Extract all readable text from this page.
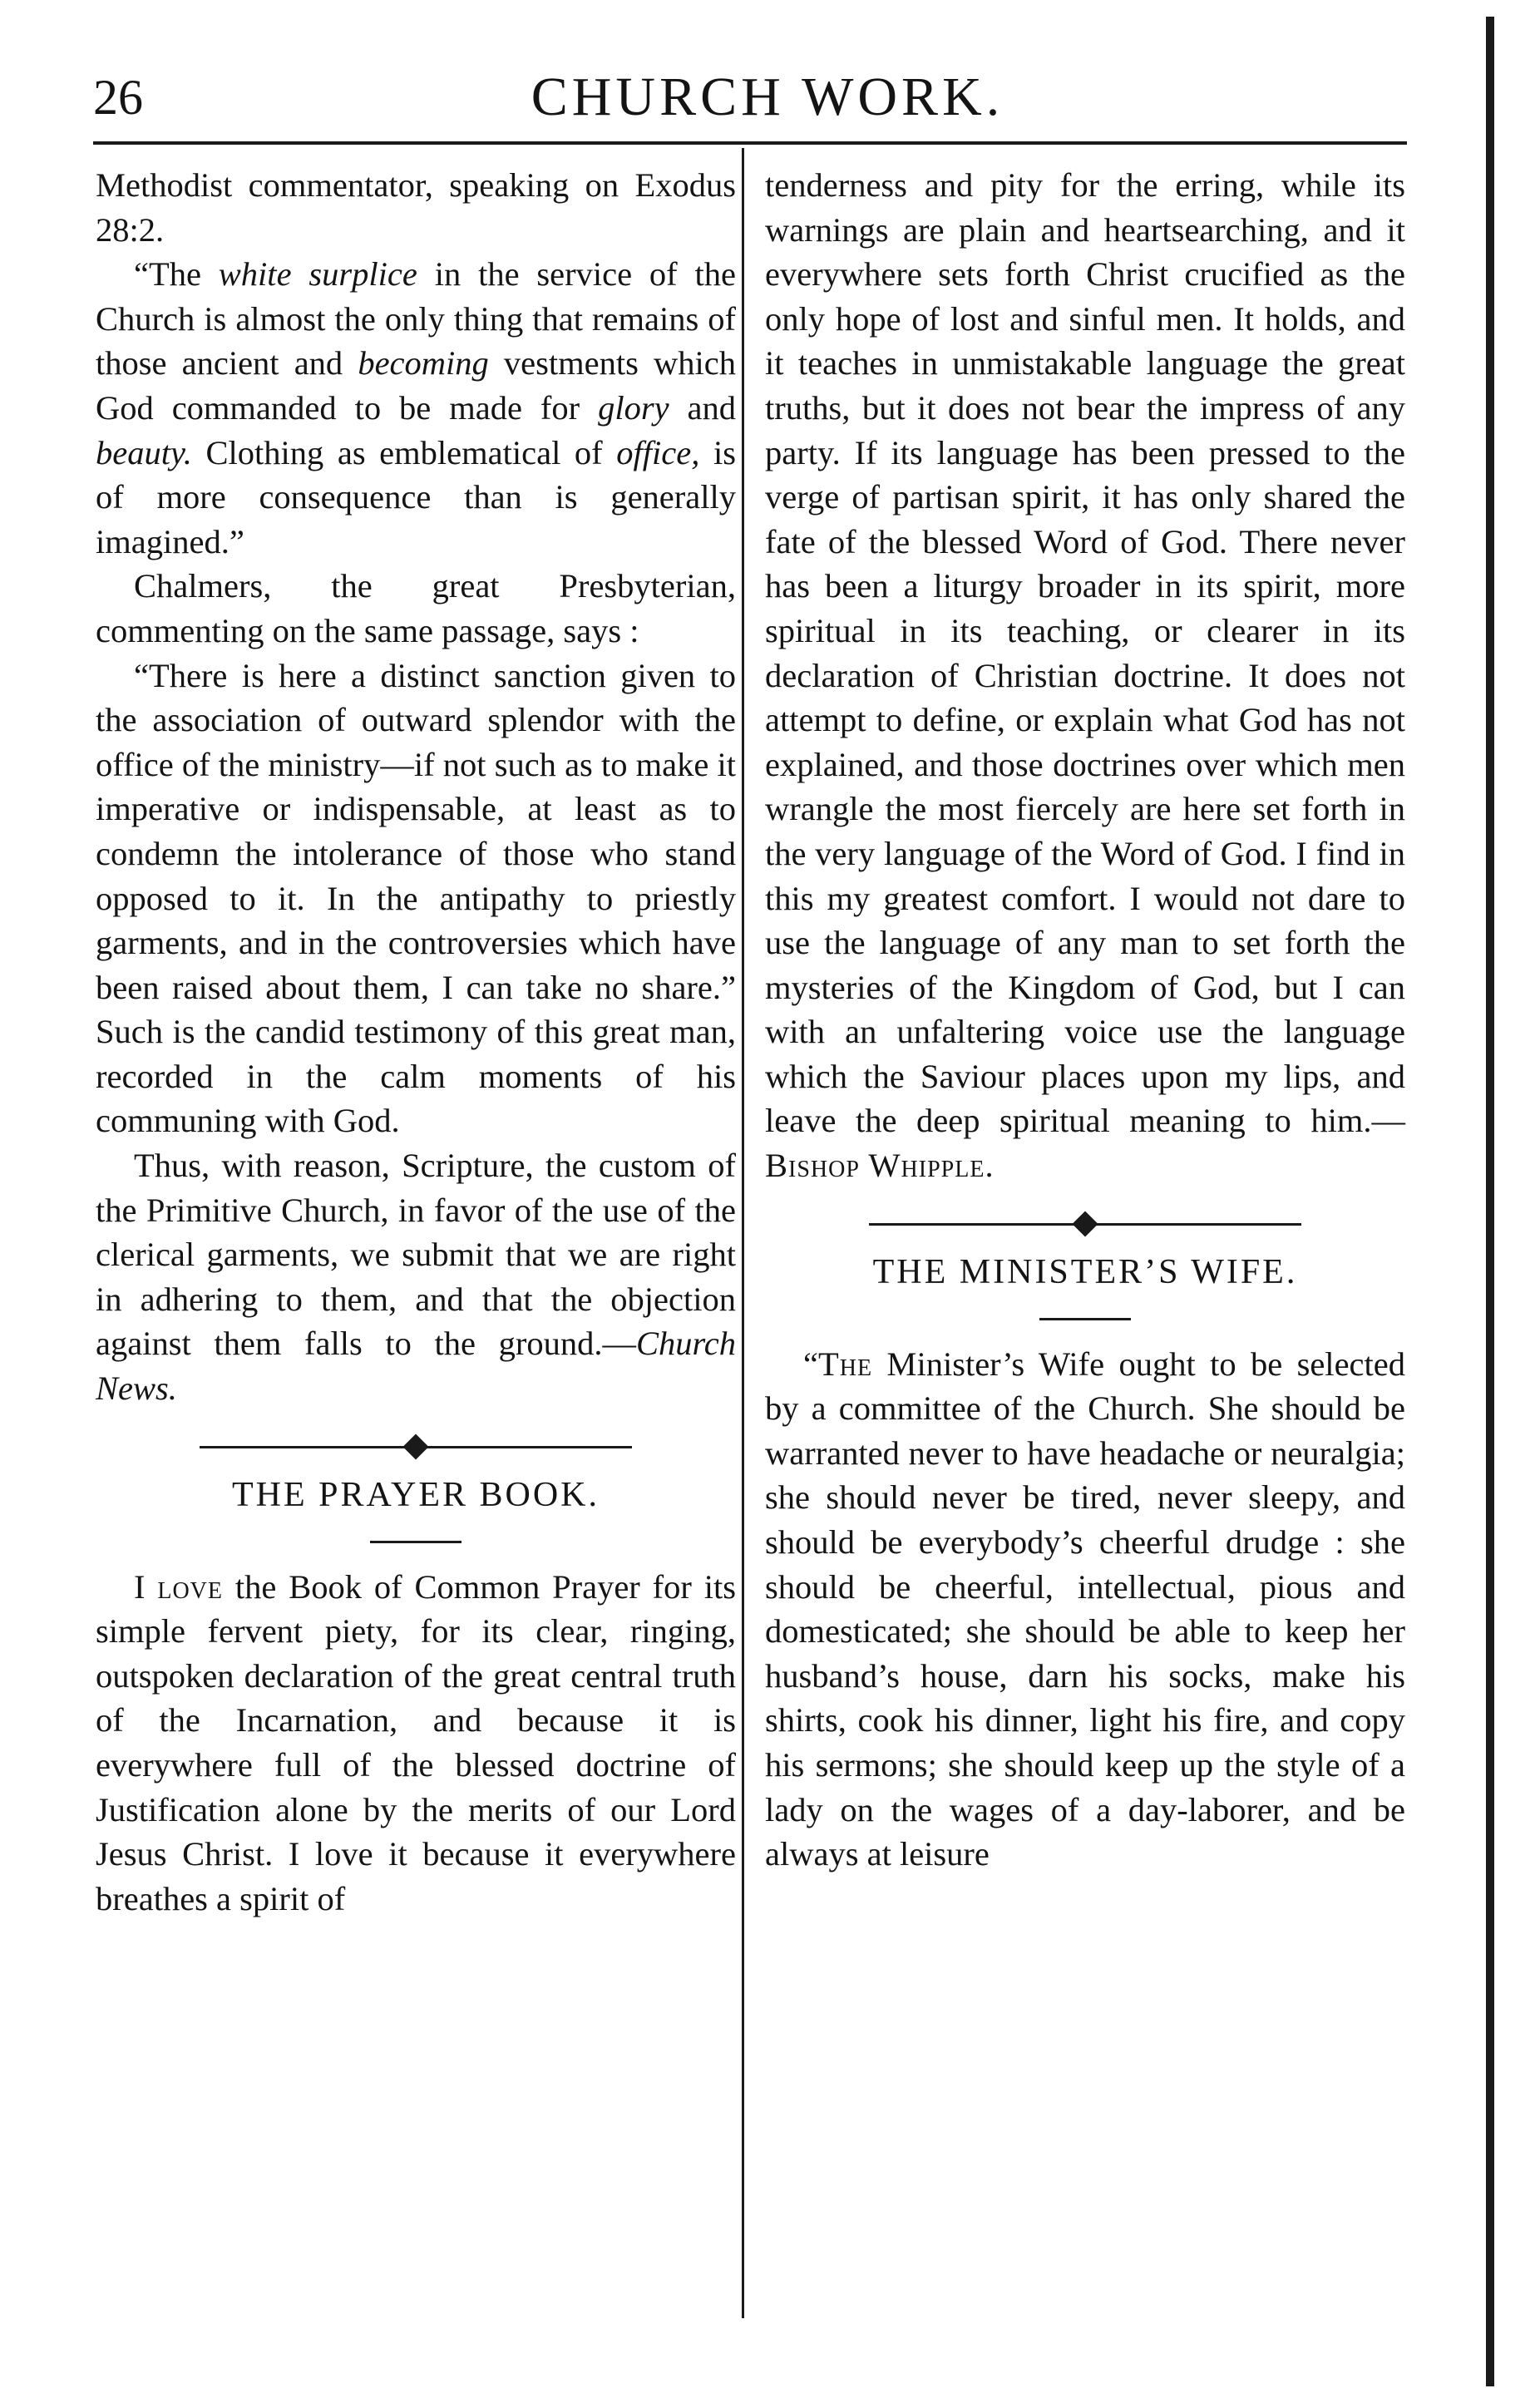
26	CHURCH WORK.

Methodist commentator, speaking on Exodus 28:2.

“The white surplice in the service of the Church is almost the only thing that remains of those ancient and becoming vestments which God commanded to be made for glory and beauty. Clothing as emblematical of office, is of more consequence than is generally imagined.”

Chalmers, the great Presbyterian, commenting on the same passage, says :

“There is here a distinct sanction given to the association of outward splendor with the office of the ministry—if not such as to make it imperative or indispensable, at least as to condemn the intolerance of those who stand opposed to it. In the antipathy to priestly garments, and in the controversies which have been raised about them, I can take no share.” Such is the candid testimony of this great man, recorded in the calm moments of his communing with God.

Thus, with reason, Scripture, the custom of the Primitive Church, in favor of the use of the clerical garments, we submit that we are right in adhering to them, and that the objection against them falls to the ground.—Church News.

THE PRAYER BOOK.

I love the Book of Common Prayer for its simple fervent piety, for its clear, ringing, outspoken declaration of the great central truth of the Incarnation, and because it is everywhere full of the blessed doctrine of Justification alone by the merits of our Lord Jesus Christ. I love it because it everywhere breathes a spirit of

tenderness and pity for the erring, while its warnings are plain and heartsearching, and it everywhere sets forth Christ crucified as the only hope of lost and sinful men. It holds, and it teaches in unmistakable language the great truths, but it does not bear the impress of any party. If its language has been pressed to the verge of partisan spirit, it has only shared the fate of the blessed Word of God. There never has been a liturgy broader in its spirit, more spiritual in its teaching, or clearer in its declaration of Christian doctrine. It does not attempt to define, or explain what God has not explained, and those doctrines over which men wrangle the most fiercely are here set forth in the very language of the Word of God. I find in this my greatest comfort. I would not dare to use the language of any man to set forth the mysteries of the Kingdom of God, but I can with an unfaltering voice use the language which the Saviour places upon my lips, and leave the deep spiritual meaning to him.—Bishop Whipple.

THE MINISTER’S WIFE.

“The Minister’s Wife ought to be selected by a committee of the Church. She should be warranted never to have headache or neuralgia; she should never be tired, never sleepy, and should be everybody’s cheerful drudge : she should be cheerful, intellectual, pious and domesticated; she should be able to keep her husband’s house, darn his socks, make his shirts, cook his dinner, light his fire, and copy his sermons; she should keep up the style of a lady on the wages of a day-laborer, and be always at leisure
